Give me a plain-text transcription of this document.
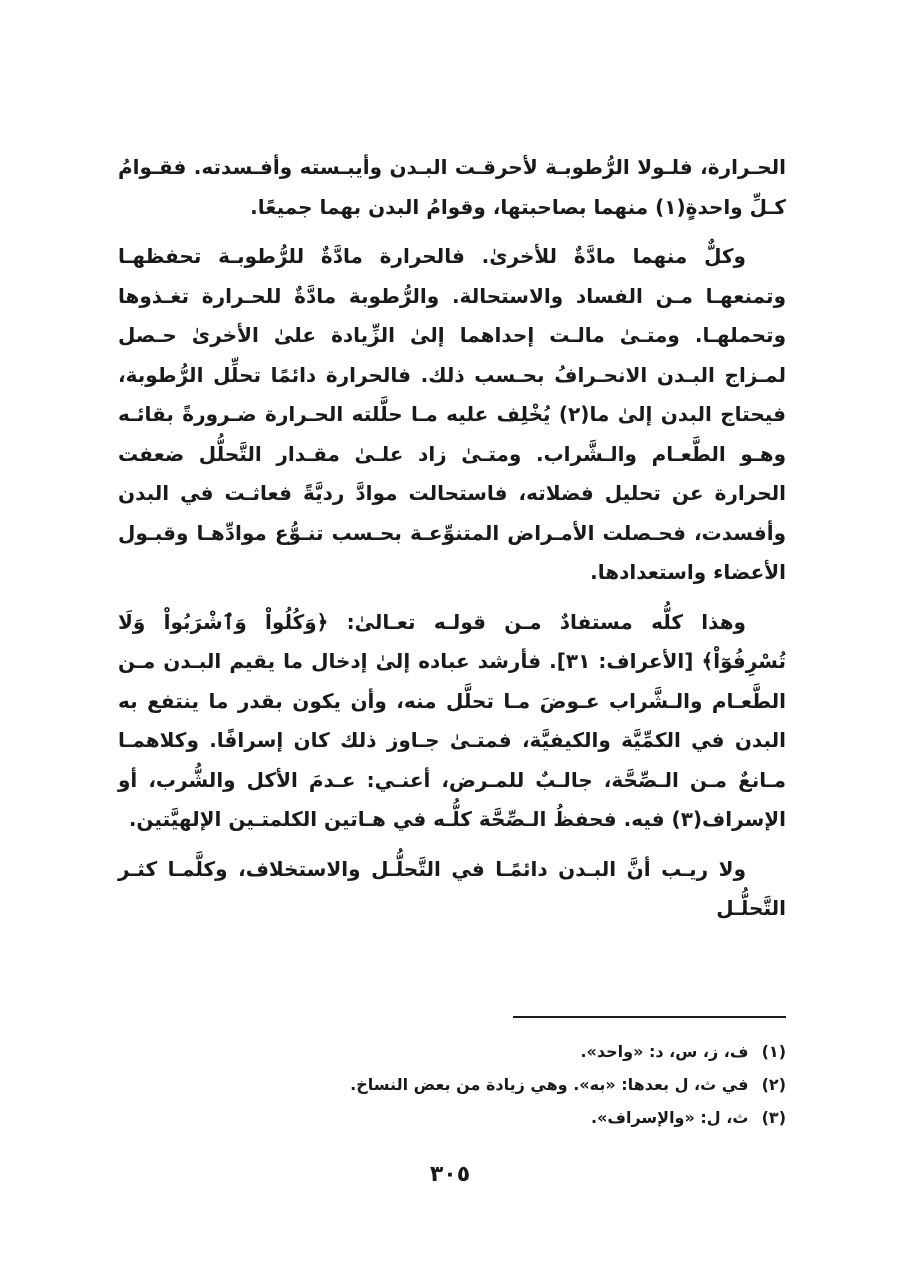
الحـرارة، فلـولا الرُّطوبـة لأحرقـت البـدن وأيبـسته وأفـسدته. فقـوامُ كـلِّ واحدةٍ(١) منهما بصاحبتها، وقوامُ البدن بهما جميعًا.

وكلٌّ منهما مادَّةٌ للأخرىٰ. فالحرارة مادَّةٌ للرُّطوبـة تحفظهـا وتمنعهـا مـن الفساد والاستحالة. والرُّطوبة مادَّةٌ للحـرارة تغـذوها وتحملهـا. ومتـىٰ مالـت إحداهما إلىٰ الزِّيادة علىٰ الأخرىٰ حـصل لمـزاج البـدن الانحـرافُ بحـسب ذلك. فالحرارة دائمًا تحلِّل الرُّطوبة، فيحتاج البدن إلىٰ ما(٢) يُخْلِف عليه مـا حلَّلته الحـرارة ضـرورةً بقائـه وهـو الطَّعـام والـشَّراب. ومتـىٰ زاد علـىٰ مقـدار التَّحلُّل ضعفت الحرارة عن تحليل فضلاته، فاستحالت موادَّ رديَّةً فعاثـت في البدن وأفسدت، فحـصلت الأمـراض المتنوِّعـة بحـسب تنـوُّع موادِّهـا وقبـول الأعضاء واستعدادها.

وهذا كلُّه مستفادٌ مـن قولـه تعـالىٰ: ﴿وَكُلُواْ وَٱشْرَبُواْ وَلَا تُسْرِفُوٓاْ﴾ [الأعراف: ٣١]. فأرشد عباده إلىٰ إدخال ما يقيم البـدن مـن الطَّعـام والـشَّراب عـوضَ مـا تحلَّل منه، وأن يكون بقدر ما ينتفع به البدن في الكمِّيَّة والكيفيَّة، فمتـىٰ جـاوز ذلك كان إسرافًا. وكلاهمـا مـانعٌ مـن الـصِّحَّة، جالـبٌ للمـرض، أعنـي: عـدمَ الأكل والشُّرب، أو الإسراف(٣) فيه. فحفظُ الـصِّحَّة كلُّـه في هـاتين الكلمتـين الإلهيَّتين.

ولا ريـب أنَّ البـدن دائمًـا في التَّحلُّـل والاستخلاف، وكلَّمـا كثـر التَّحلُّـل

(١) ف، ز، س، د: «واحد».
(٢) في ث، ل بعدها: «به». وهي زيادة من بعض النساخ.
(٣) ث، ل: «والإسراف».
٣٠٥
